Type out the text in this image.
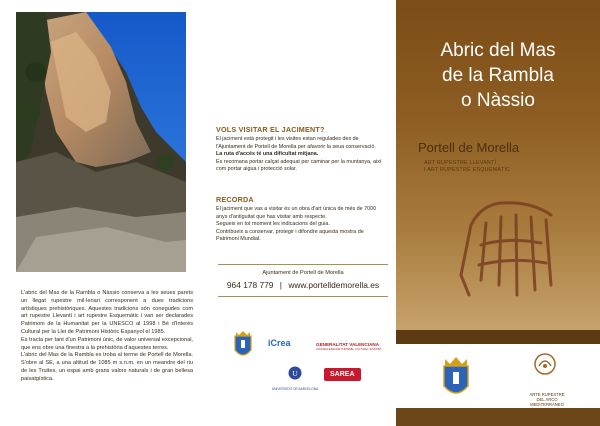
L'abric del Mas de la Rambla o Nàssio conserva a les seues parets un llegat rupestre mil·lenari corresponent a dues tradicions artístiques prehistòriques. Aquestes tradicions són conegudes com art rupestre Llevantí i art rupestre Esquemàtic i van ser declarades Patrimoni de la Humanitat per la UNESCO al 1998 i Bé d'Interés Cultural per la Llei de Patrimoni Històric Espanyol el 1985.

Es tracta per tant d'un Patrimoni únic, de valor universal excepcional, que ens obre una finestra a la prehistòria d'aquestes terres.

L'abric del Mas de la Rambla es troba al terme de Portell de Morella. S'obre al SE, a una altitud de 1085 m s.n.m. en un meandre del riu de les Truites, un espai amb grans valors naturals i de gran bellesa paisatgística.

VOLS VISITAR EL JACIMENT?

El jaciment està protegit i les visites estan regulades des de l'Ajuntament de Portell de Morella per afavorir la seua conservació.

La ruta d'accés té una dificultat mitjana.

Es recomana portar calçat adequat per caminar per la muntanya, així com portar aigua i protecció solar.

RECORDA

El jaciment que vas a visitar és un obra d'art única de més de 7000 anys d'antiguitat que has visitar amb respecte.

Segueix en tot moment les indicacions del guia.

Contribueix a conservar, protegir i difondre aquesta mostra de Patrimoni Mundial.

Ajuntament de Portell de Morella
964 178 779 | www.portelldemorella.es
iCrea	GENERALITAT VALENCIANA
CONSELLERIA DE TURISME, CULTURA I ESPORT
U
UNIVERSITAT DE BARCELONA
SAREA
Abric del Mas
de la Rambla
o Nàssio
Portell de Morella
ART RUPESTRE LLEVANTÍ
I ART RUPESTRE ESQUEMÀTIC
ARTE RUPESTRE
DEL ARCO
MEDITERRÁNEO
